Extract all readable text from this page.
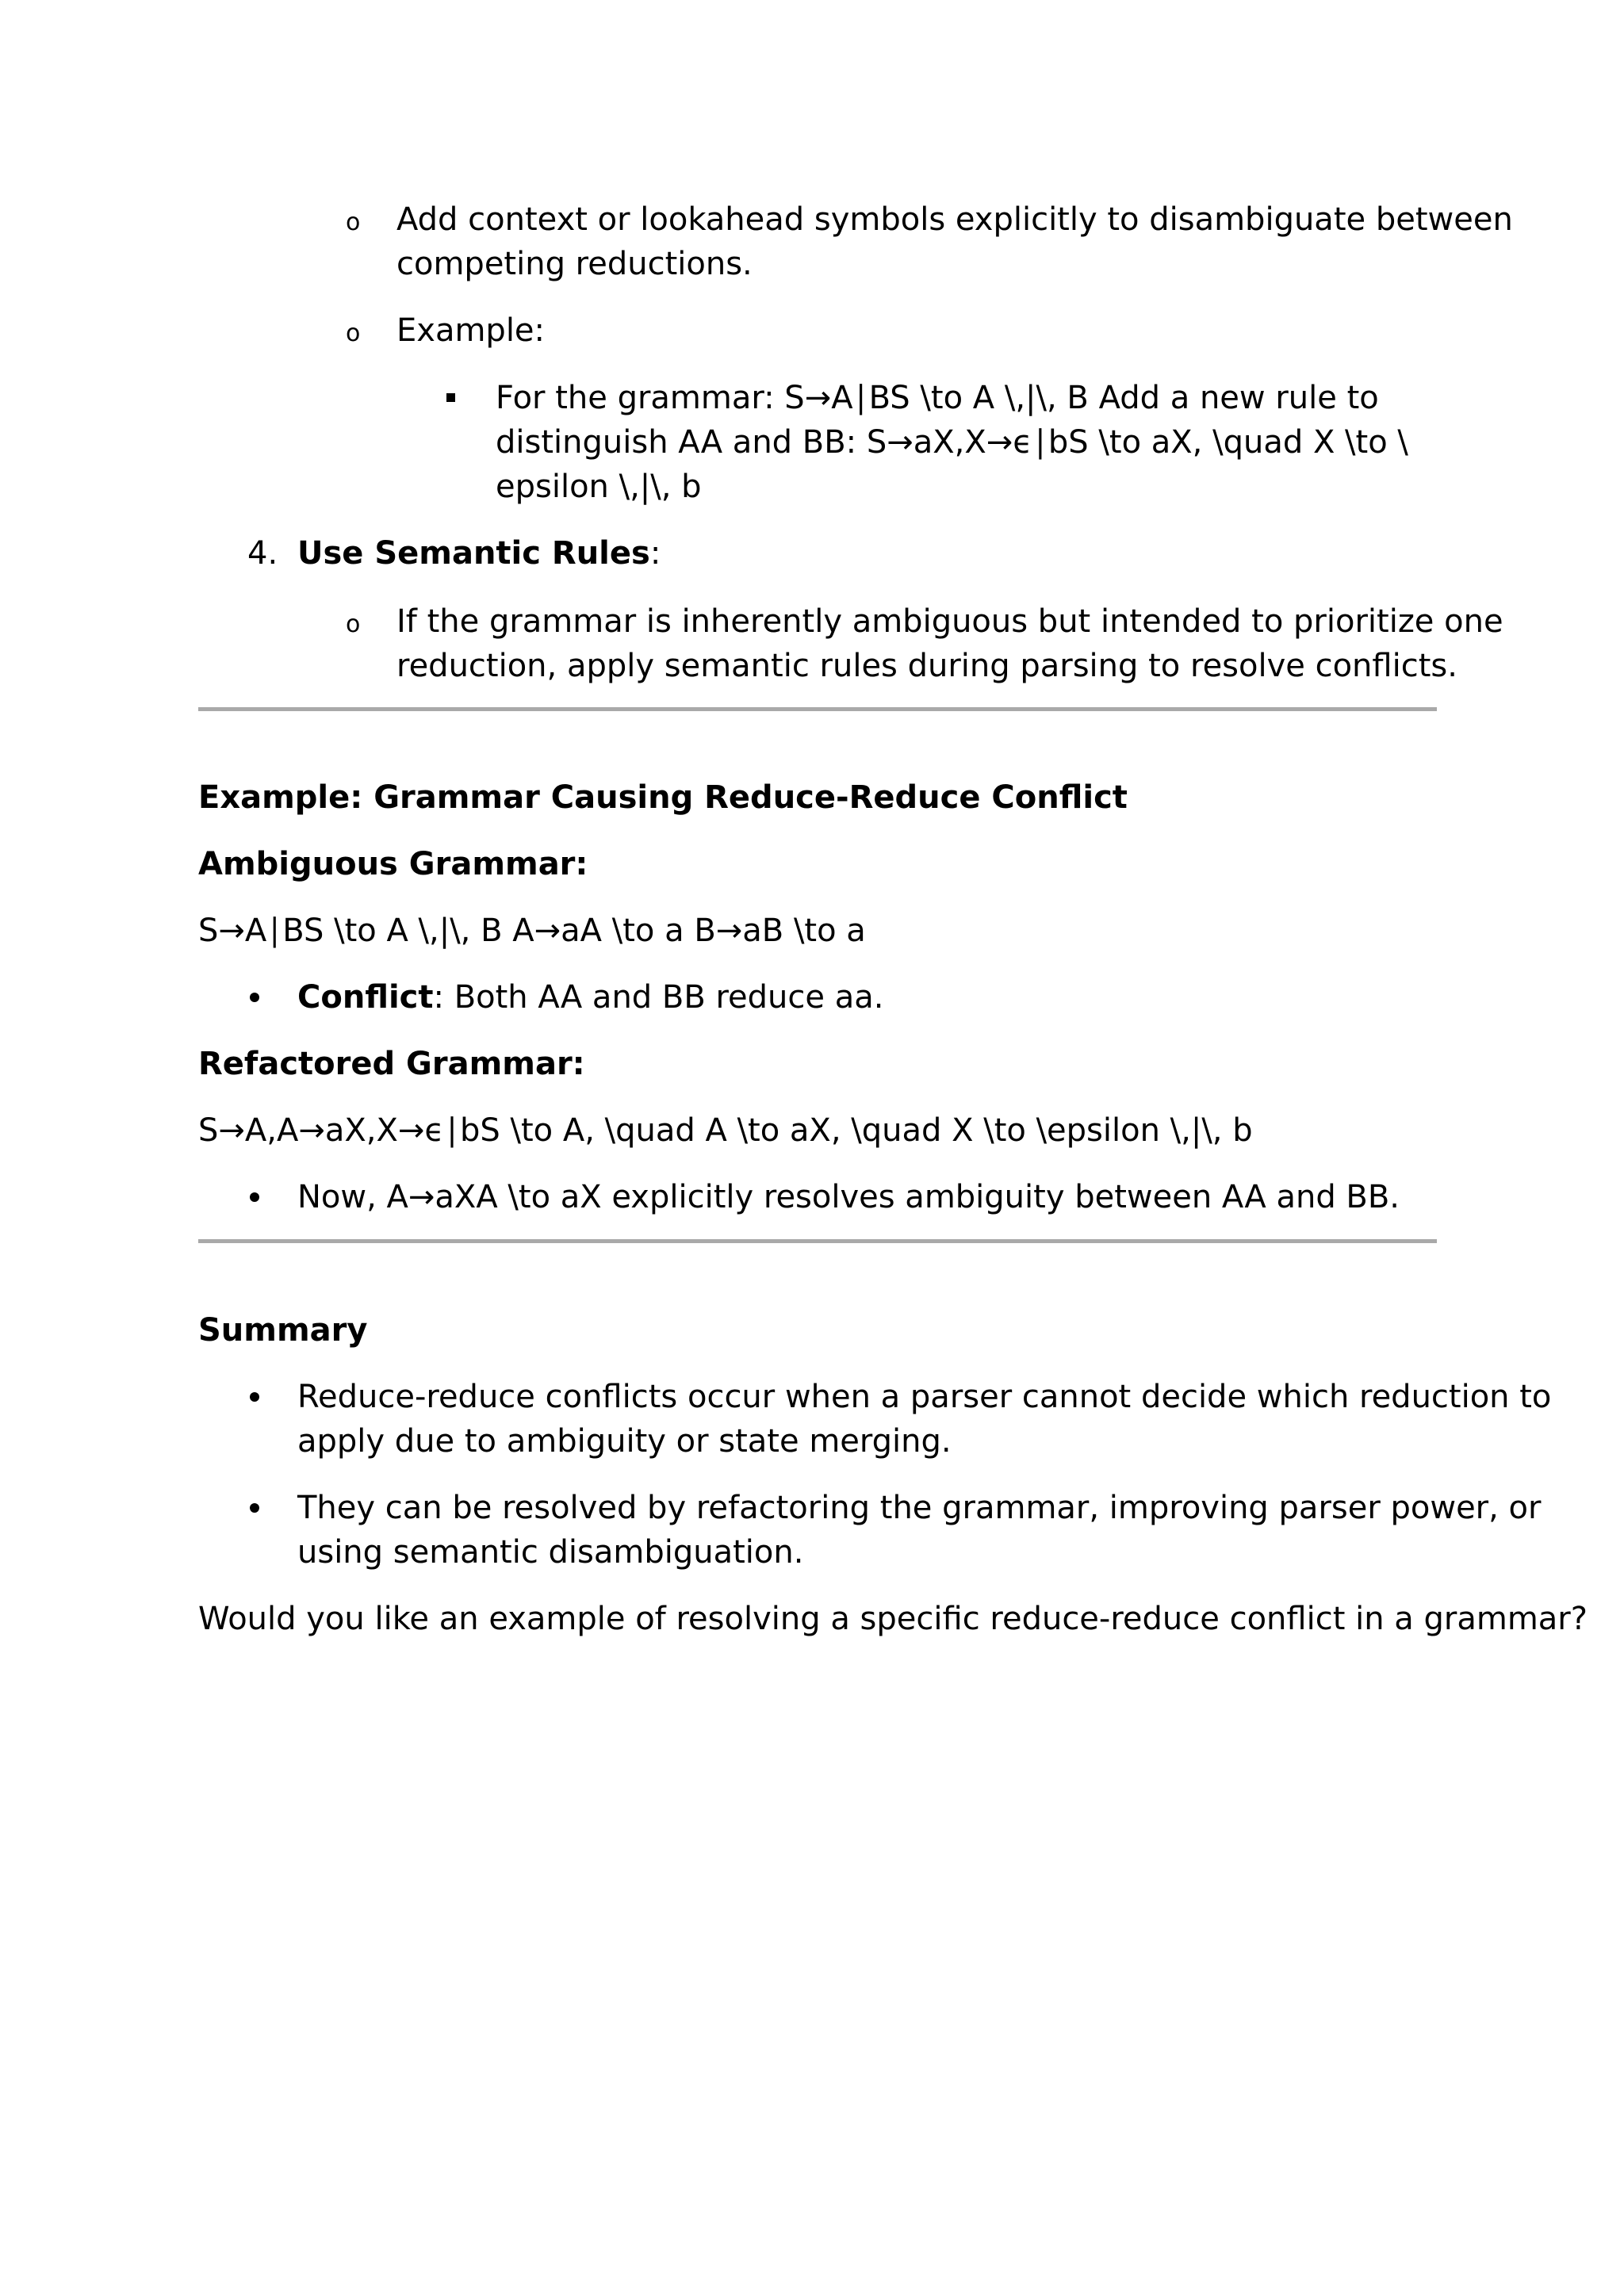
o Add context or lookahead symbols explicitly to disambiguate between
competing reductions.
o Example:
For the grammar: S→A∣BS \to A \,|\, B Add a new rule to
distinguish AA and BB: S→aX,X→ϵ∣bS \to aX, \quad X \to \
epsilon \,|\, b
4. Use Semantic Rules:
o If the grammar is inherently ambiguous but intended to prioritize one
reduction, apply semantic rules during parsing to resolve conflicts.
Example: Grammar Causing Reduce-Reduce Conflict
Ambiguous Grammar:
S→A∣BS \to A \,|\, B A→aA \to a B→aB \to a
Conflict: Both AA and BB reduce aa.
Refactored Grammar:
S→A,A→aX,X→ϵ∣bS \to A, \quad A \to aX, \quad X \to \epsilon \,|\, b
Now, A→aXA \to aX explicitly resolves ambiguity between AA and BB.
Summary
Reduce-reduce conflicts occur when a parser cannot decide which reduction to
apply due to ambiguity or state merging.
They can be resolved by refactoring the grammar, improving parser power, or
using semantic disambiguation.
Would you like an example of resolving a specific reduce-reduce conflict in a grammar?
